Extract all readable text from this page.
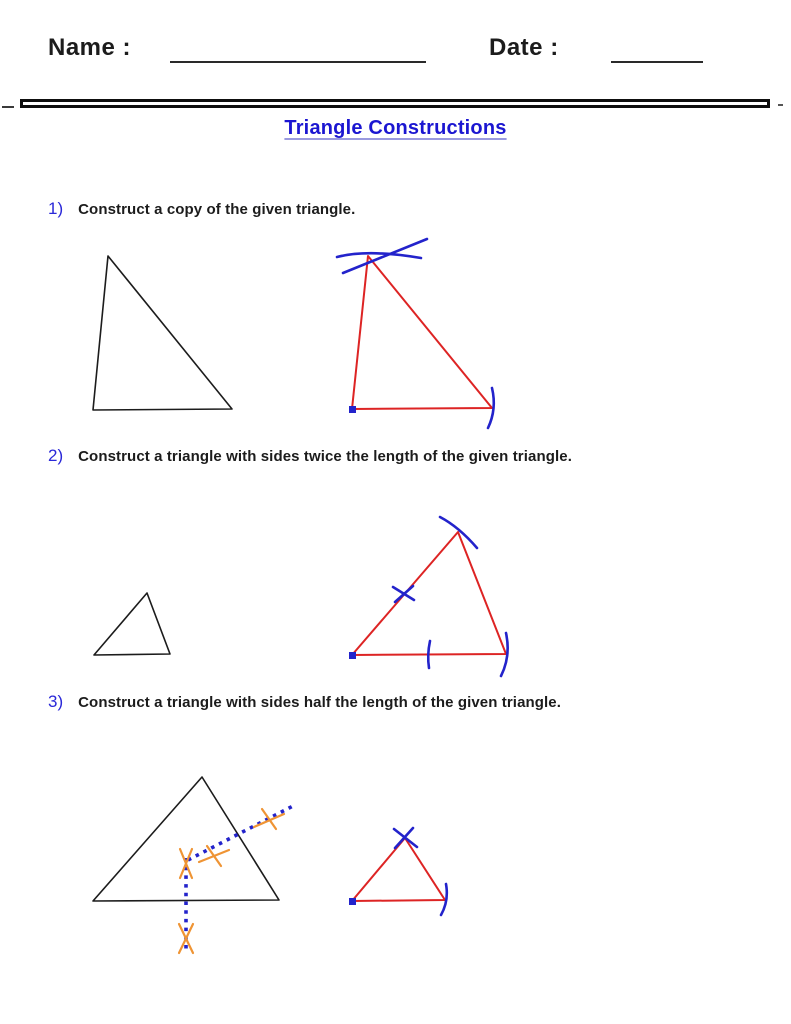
Name :	Date :
Triangle Constructions
1) Construct a copy of the given triangle.
2) Construct a triangle with sides twice the length of the given triangle.
3) Construct a triangle with sides half the length of the given triangle.
